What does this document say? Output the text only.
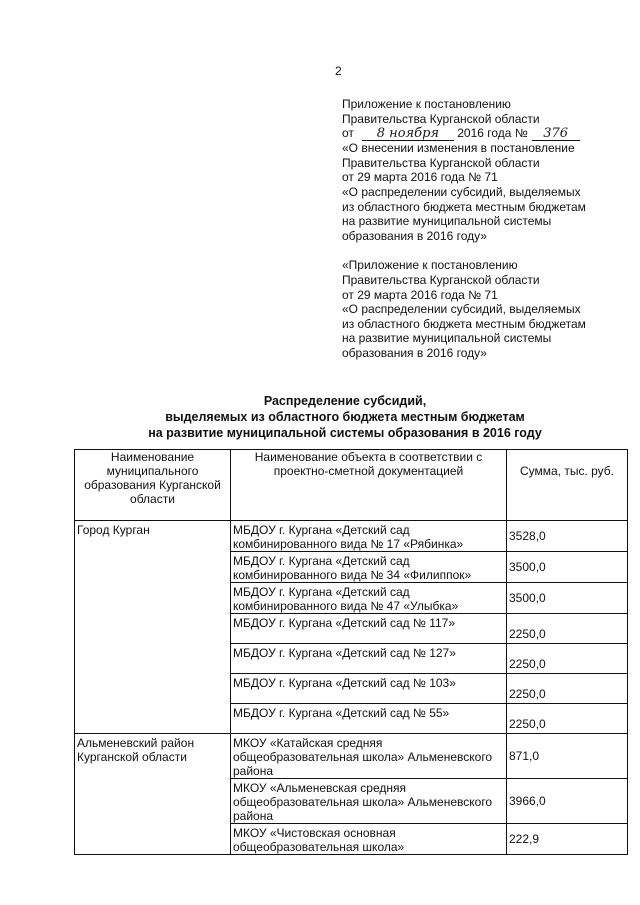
2
Приложение к постановлению
Правительства Курганской области
от 8 ноября 2016 года № 376
«О внесении изменения в постановление
Правительства Курганской области
от 29 марта 2016 года № 71
«О распределении субсидий, выделяемых
из областного бюджета местным бюджетам
на развитие муниципальной системы
образования в 2016 году»
«Приложение к постановлению
Правительства Курганской области
от 29 марта 2016 года № 71
«О распределении субсидий, выделяемых
из областного бюджета местным бюджетам
на развитие муниципальной системы
образования в 2016 году»
Распределение субсидий,
выделяемых из областного бюджета местным бюджетам
на развитие муниципальной системы образования в 2016 году
Наименование муниципального образования Курганской области	Наименование объекта в соответствии с проектно-сметной документацией	Сумма, тыс. руб.
Город Курган	МБДОУ г. Кургана «Детский сад комбинированного вида № 17 «Рябинка»	3528,0
	МБДОУ г. Кургана «Детский сад комбинированного вида № 34 «Филиппок»	3500,0
	МБДОУ г. Кургана «Детский сад комбинированного вида № 47 «Улыбка»	3500,0
	МБДОУ г. Кургана «Детский сад № 117»	2250,0
	МБДОУ г. Кургана «Детский сад № 127»	2250,0
	МБДОУ г. Кургана «Детский сад № 103»	2250,0
	МБДОУ г. Кургана «Детский сад № 55»	2250,0
Альменевский район Курганской области	МКОУ «Катайская средняя общеобразовательная школа» Альменевского района	871,0
	МКОУ «Альменевская средняя общеобразовательная школа» Альменевского района	3966,0
	МКОУ «Чистовская основная общеобразовательная школа»	222,9
